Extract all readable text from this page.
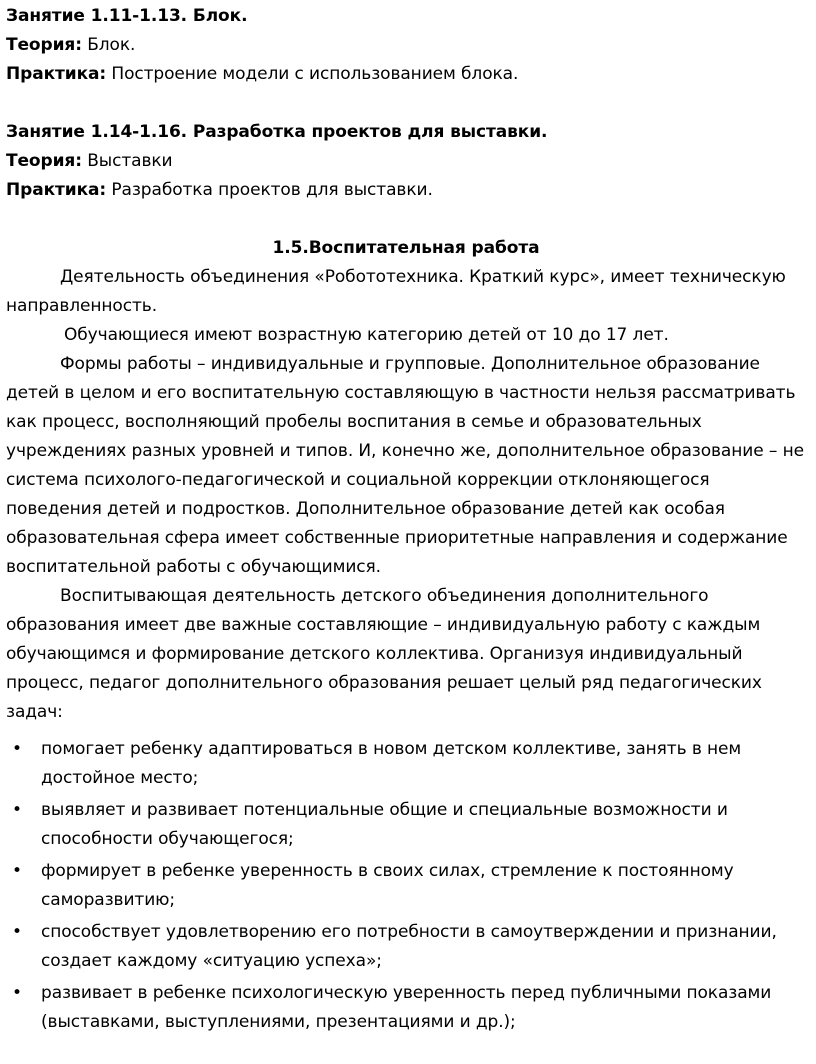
Занятие 1.11-1.13. Блок.

Теория: Блок.

Практика: Построение модели с использованием блока.

Занятие 1.14-1.16. Разработка проектов для выставки.

Теория: Выставки

Практика: Разработка проектов для выставки.

1.5.Воспитательная работа

Деятельность объединения «Робототехника. Краткий курс», имеет техническую направленность.

Обучающиеся имеют возрастную категорию детей от 10 до 17 лет.

Формы работы – индивидуальные и групповые. Дополнительное образование детей в целом и его воспитательную составляющую в частности нельзя рассматривать как процесс, восполняющий пробелы воспитания в семье и образовательных учреждениях разных уровней и типов. И, конечно же, дополнительное образование – не система психолого-педагогической и социальной коррекции отклоняющегося поведения детей и подростков. Дополнительное образование детей как особая образовательная сфера имеет собственные приоритетные направления и содержание воспитательной работы с обучающимися.

Воспитывающая деятельность детского объединения дополнительного образования имеет две важные составляющие – индивидуальную работу с каждым обучающимся и формирование детского коллектива. Организуя индивидуальный процесс, педагог дополнительного образования решает целый ряд педагогических задач:

• помогает ребенку адаптироваться в новом детском коллективе, занять в нем достойное место;
• выявляет и развивает потенциальные общие и специальные возможности и способности обучающегося;
• формирует в ребенке уверенность в своих силах, стремление к постоянному саморазвитию;
• способствует удовлетворению его потребности в самоутверждении и признании, создает каждому «ситуацию успеха»;
• развивает в ребенке психологическую уверенность перед публичными показами (выставками, выступлениями, презентациями и др.);
